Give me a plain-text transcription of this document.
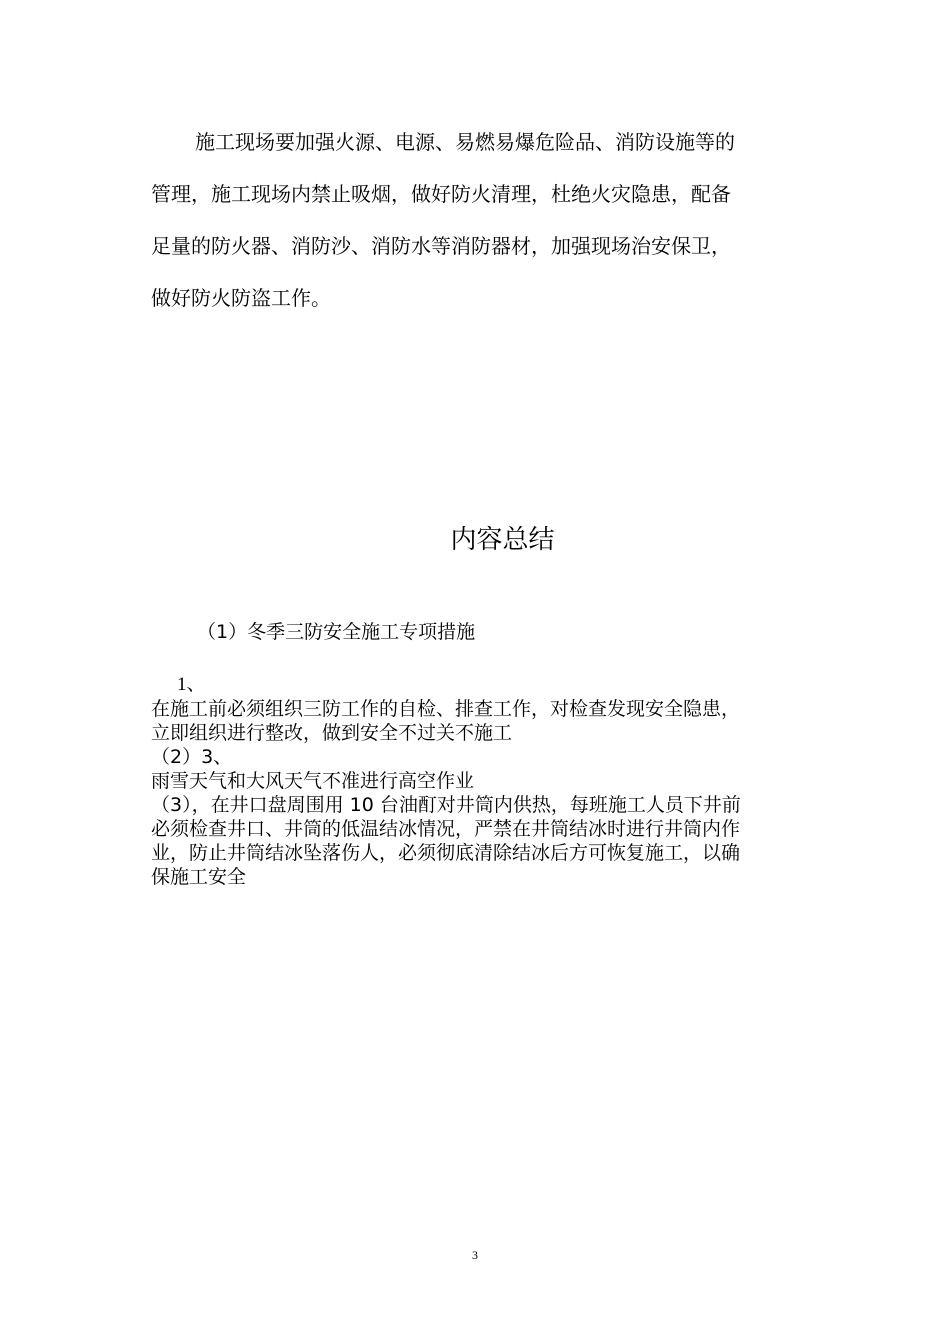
施工现场要加强火源、电源、易燃易爆危险品、消防设施等的
管理，施工现场内禁止吸烟，做好防火清理，杜绝火灾隐患，配备
足量的防火器、消防沙、消防水等消防器材，加强现场治安保卫，
做好防火防盗工作。
内容总结
（1）冬季三防安全施工专项措施
1、
在施工前必须组织三防工作的自检、排查工作，对检查发现安全隐患，
立即组织进行整改，做到安全不过关不施工
（2）3、
雨雪天气和大风天气不准进行高空作业
（3），在井口盘周围用 10 台油酊对井筒内供热，每班施工人员下井前
必须检查井口、井筒的低温结冰情况，严禁在井筒结冰时进行井筒内作
业，防止井筒结冰坠落伤人，必须彻底清除结冰后方可恢复施工，以确
保施工安全
3
